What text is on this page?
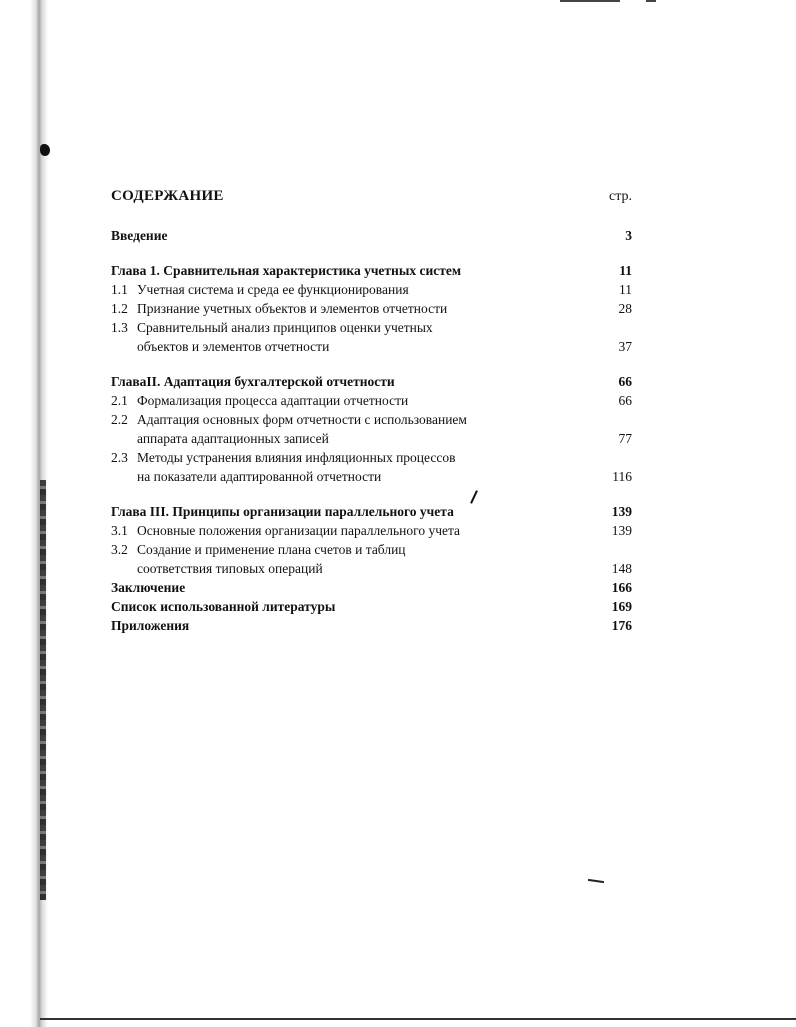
СОДЕРЖАНИЕ	стр.
Введение	3
Глава 1. Сравнительная характеристика учетных систем	11
1.1 Учетная система и среда ее функционирования	11
1.2 Признание учетных объектов и элементов отчетности	28
1.3 Сравнительный анализ принципов оценки учетных
объектов и элементов отчетности	37
ГлаваII. Адаптация бухгалтерской отчетности	66
2.1 Формализация процесса адаптации отчетности	66
2.2 Адаптация основных форм отчетности с использованием
аппарата адаптационных записей	77
2.3 Методы устранения влияния инфляционных процессов
на показатели адаптированной отчетности	116
Глава III. Принципы организации параллельного учета	139
3.1 Основные положения организации параллельного учета	139
3.2 Создание и применение плана счетов и таблиц
соответствия типовых операций	148
Заключение	166
Список использованной литературы	169
Приложения	176
